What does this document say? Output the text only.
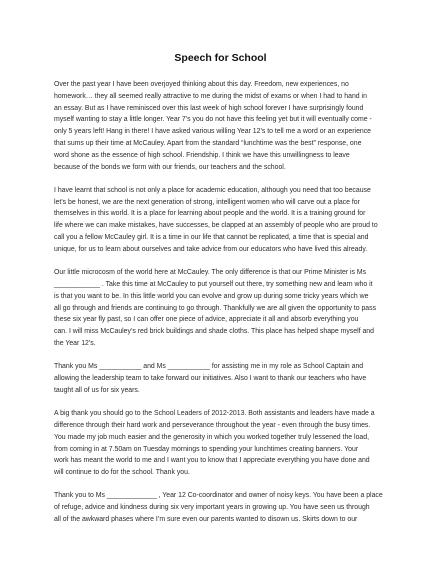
Speech for School
Over the past year I have been overjoyed thinking about this day. Freedom, new experiences, no
homework… they all seemed really attractive to me during the midst of exams or when I had to hand in
an essay. But as I have reminisced over this last week of high school forever I have surprisingly found
myself wanting to stay a little longer. Year 7’s you do not have this feeling yet but it will eventually come -
only 5 years left! Hang in there! I have asked various willing Year 12’s to tell me a word or an experience
that sums up their time at McCauley. Apart from the standard “lunchtime was the best” response, one
word shone as the essence of high school. Friendship. I think we have this unwillingness to leave
because of the bonds we form with our friends, our teachers and the school.
I have learnt that school is not only a place for academic education, although you need that too because
let’s be honest, we are the next generation of strong, intelligent women who will carve out a place for
themselves in this world. It is a place for learning about people and the world. It is a training ground for
life where we can make mistakes, have successes, be clapped at an assembly of people who are proud to
call you a fellow McCauley girl. It is a time in our life that cannot be replicated, a time that is special and
unique, for us to learn about ourselves and take advice from our educators who have lived this already.
Our little microcosm of the world here at McCauley. The only difference is that our Prime Minister is Ms
____________ . Take this time at McCauley to put yourself out there, try something new and learn who it
is that you want to be. In this little world you can evolve and grow up during some tricky years which we
all go through and friends are continuing to go through. Thankfully we are all given the opportunity to pass
these six year fly past, so I can offer one piece of advice, appreciate it all and absorb everything you
can. I will miss McCauley’s red brick buildings and shade cloths. This place has helped shape myself and
the Year 12’s.
Thank you Ms ___________ and Ms ___________ for assisting me in my role as School Captain and
allowing the leadership team to take forward our initiatives. Also I want to thank our teachers who have
taught all of us for six years.
A big thank you should go to the School Leaders of 2012-2013. Both assistants and leaders have made a
difference through their hard work and perseverance throughout the year - even through the busy times.
You made my job much easier and the generosity in which you worked together truly lessened the load,
from coming in at 7.50am on Tuesday mornings to spending your lunchtimes creating banners. Your
work has meant the world to me and I want you to know that I appreciate everything you have done and
will continue to do for the school. Thank you.
Thank you to Ms _____________ , Year 12 Co-coordinator and owner of noisy keys. You have been a place
of refuge, advice and kindness during six very important years in growing up. You have seen us through
all of the awkward phases where I’m sure even our parents wanted to disown us. Skirts down to our
